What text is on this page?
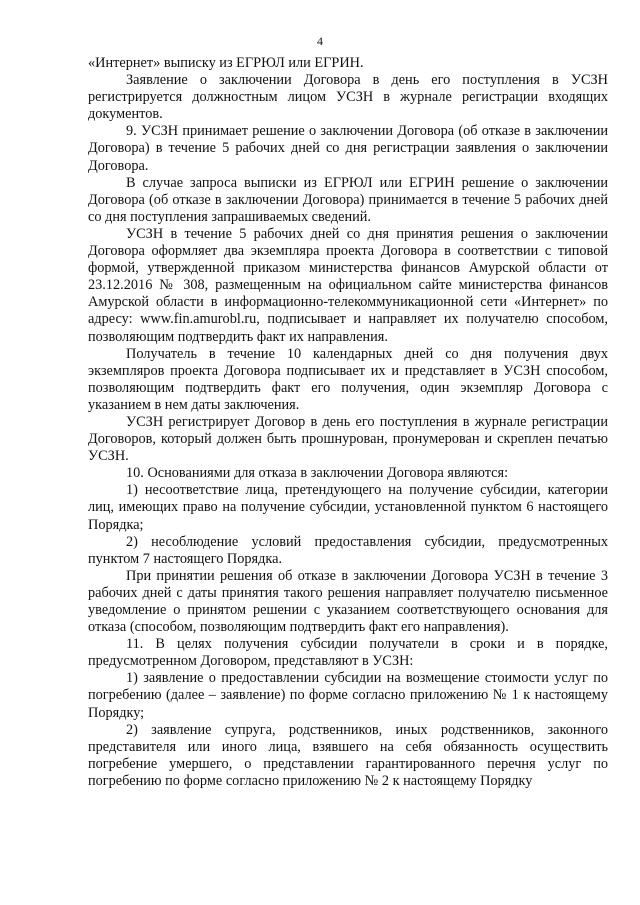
4

«Интернет» выписку из ЕГРЮЛ или ЕГРИН.

Заявление о заключении Договора в день его поступления в УСЗН регистрируется должностным лицом УСЗН в журнале регистрации входящих документов.

9. УСЗН принимает решение о заключении Договора (об отказе в заключении Договора) в течение 5 рабочих дней со дня регистрации заявления о заключении Договора.

В случае запроса выписки из ЕГРЮЛ или ЕГРИН решение о заключении Договора (об отказе в заключении Договора) принимается в течение 5 рабочих дней со дня поступления запрашиваемых сведений.

УСЗН в течение 5 рабочих дней со дня принятия решения о заключении Договора оформляет два экземпляра проекта Договора в соответствии с типовой формой, утвержденной приказом министерства финансов Амурской области от 23.12.2016 № 308, размещенным на официальном сайте министерства финансов Амурской области в информационно-телекоммуникационной сети «Интернет» по адресу: www.fin.amurobl.ru, подписывает и направляет их получателю способом, позволяющим подтвердить факт их направления.

Получатель в течение 10 календарных дней со дня получения двух экземпляров проекта Договора подписывает их и представляет в УСЗН способом, позволяющим подтвердить факт его получения, один экземпляр Договора с указанием в нем даты заключения.

УСЗН регистрирует Договор в день его поступления в журнале регистрации Договоров, который должен быть прошнурован, пронумерован и скреплен печатью УСЗН.

10. Основаниями для отказа в заключении Договора являются:

1) несоответствие лица, претендующего на получение субсидии, категории лиц, имеющих право на получение субсидии, установленной пунктом 6 настоящего Порядка;

2) несоблюдение условий предоставления субсидии, предусмотренных пунктом 7 настоящего Порядка.

При принятии решения об отказе в заключении Договора УСЗН в течение 3 рабочих дней с даты принятия такого решения направляет получателю письменное уведомление о принятом решении с указанием соответствующего основания для отказа (способом, позволяющим подтвердить факт его направления).

11. В целях получения субсидии получатели в сроки и в порядке, предусмотренном Договором, представляют в УСЗН:

1) заявление о предоставлении субсидии на возмещение стоимости услуг по погребению (далее – заявление) по форме согласно приложению № 1 к настоящему Порядку;

2) заявление супруга, родственников, иных родственников, законного представителя или иного лица, взявшего на себя обязанность осуществить погребение умершего, о представлении гарантированного перечня услуг по погребению по форме согласно приложению № 2 к настоящему Порядку
